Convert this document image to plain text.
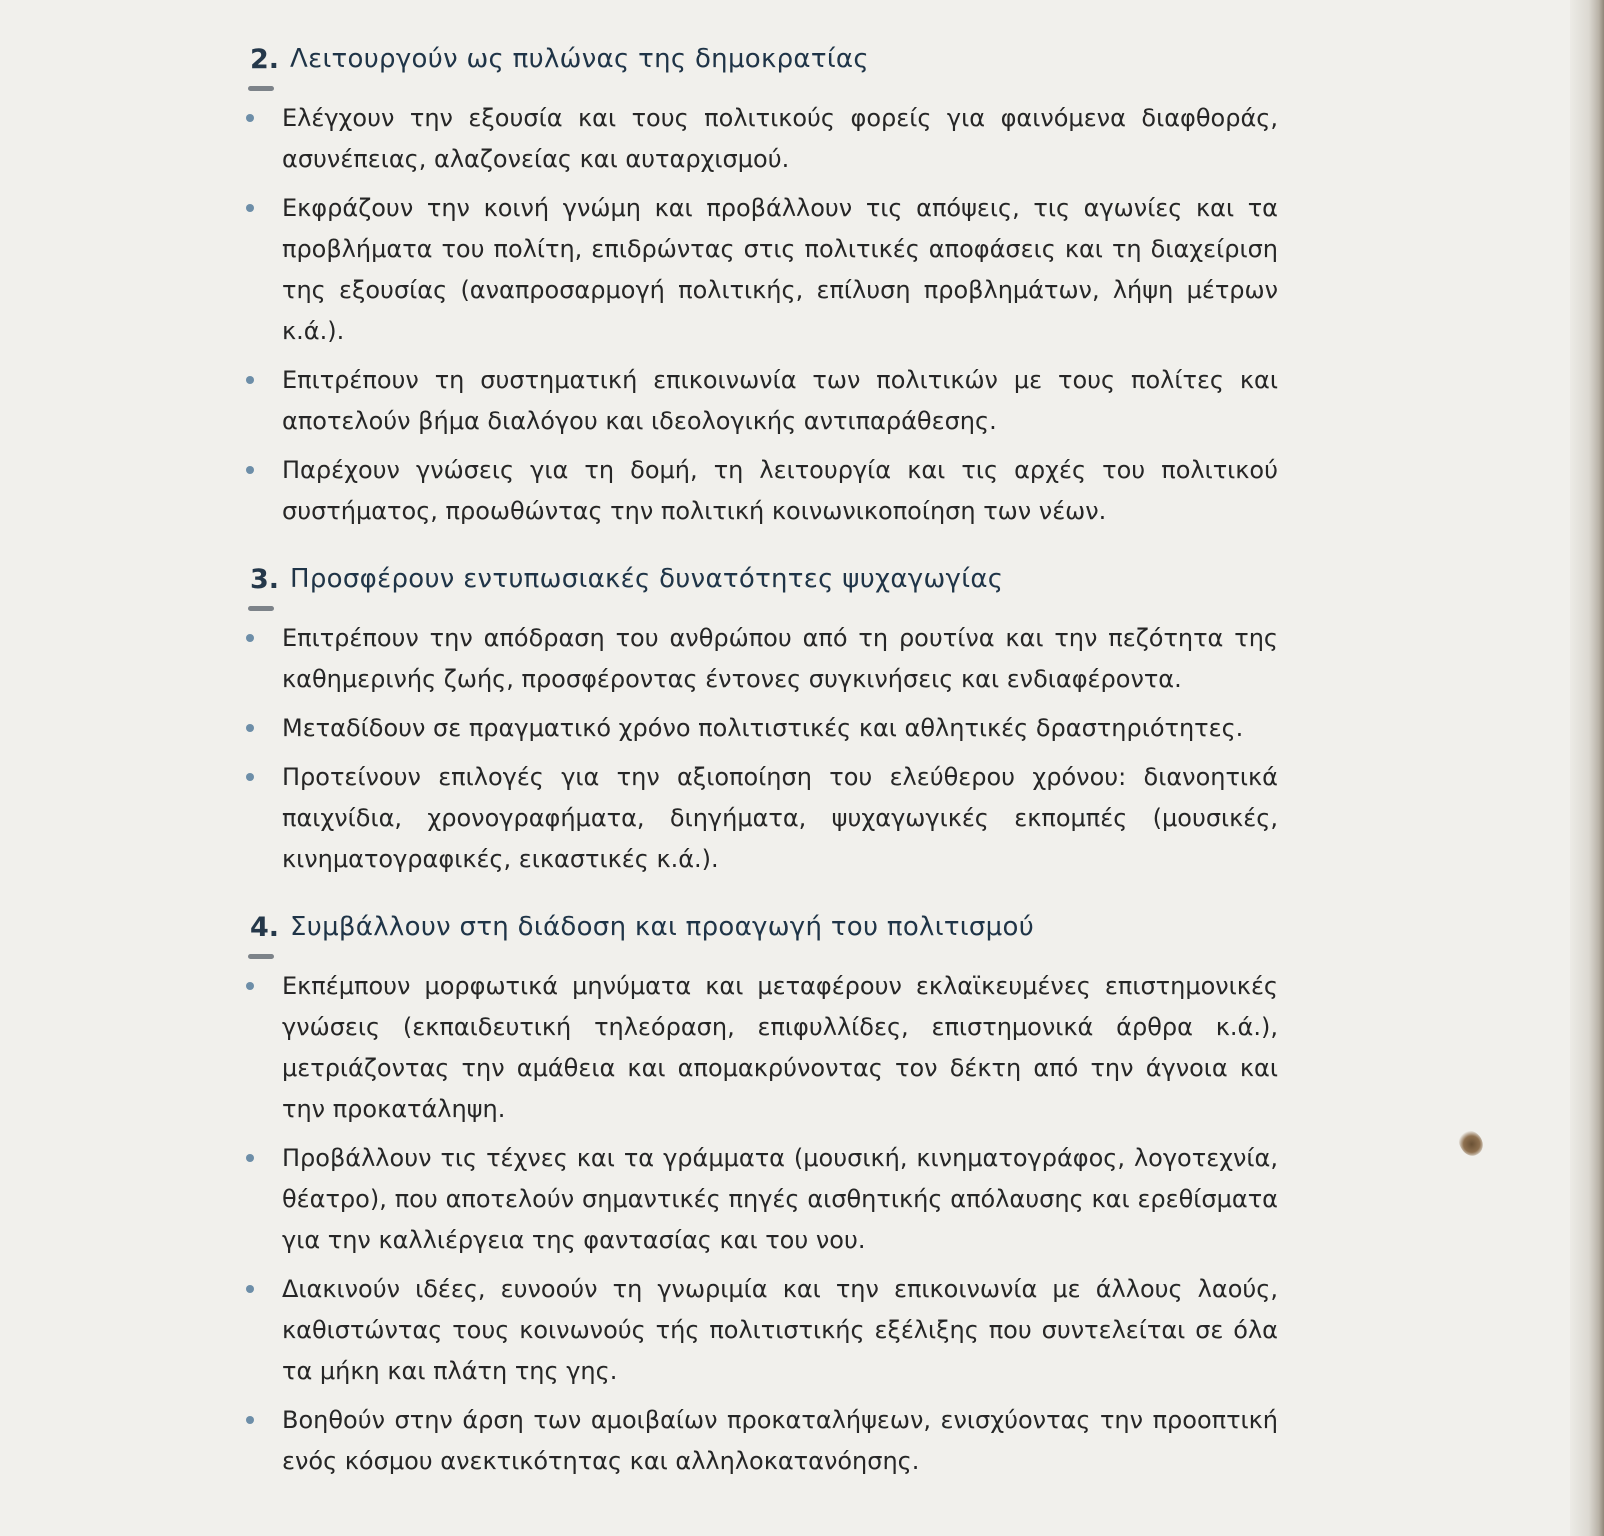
2. Λειτουργούν ως πυλώνας της δημοκρατίας
Ελέγχουν την εξουσία και τους πολιτικούς φορείς για φαινόμενα διαφθοράς, ασυνέπειας, αλαζονείας και αυταρχισμού.
Εκφράζουν την κοινή γνώμη και προβάλλουν τις απόψεις, τις αγωνίες και τα προβλήματα του πολίτη, επιδρώντας στις πολιτικές αποφάσεις και τη διαχείριση της εξουσίας (αναπροσαρμογή πολιτικής, επίλυση προβλημάτων, λήψη μέτρων κ.ά.).
Επιτρέπουν τη συστηματική επικοινωνία των πολιτικών με τους πολίτες και αποτελούν βήμα διαλόγου και ιδεολογικής αντιπαράθεσης.
Παρέχουν γνώσεις για τη δομή, τη λειτουργία και τις αρχές του πολιτικού συστήματος, προωθώντας την πολιτική κοινωνικοποίηση των νέων.
3. Προσφέρουν εντυπωσιακές δυνατότητες ψυχαγωγίας
Επιτρέπουν την απόδραση του ανθρώπου από τη ρουτίνα και την πεζότητα της καθημερινής ζωής, προσφέροντας έντονες συγκινήσεις και ενδιαφέροντα.
Μεταδίδουν σε πραγματικό χρόνο πολιτιστικές και αθλητικές δραστηριότητες.
Προτείνουν επιλογές για την αξιοποίηση του ελεύθερου χρόνου: διανοητικά παιχνίδια, χρονογραφήματα, διηγήματα, ψυχαγωγικές εκπομπές (μουσικές, κινηματογραφικές, εικαστικές κ.ά.).
4. Συμβάλλουν στη διάδοση και προαγωγή του πολιτισμού
Εκπέμπουν μορφωτικά μηνύματα και μεταφέρουν εκλαϊκευμένες επιστημονικές γνώσεις (εκπαιδευτική τηλεόραση, επιφυλλίδες, επιστημονικά άρθρα κ.ά.), μετριάζοντας την αμάθεια και απομακρύνοντας τον δέκτη από την άγνοια και την προκατάληψη.
Προβάλλουν τις τέχνες και τα γράμματα (μουσική, κινηματογράφος, λογοτεχνία, θέατρο), που αποτελούν σημαντικές πηγές αισθητικής απόλαυσης και ερεθίσματα για την καλλιέργεια της φαντασίας και του νου.
Διακινούν ιδέες, ευνοούν τη γνωριμία και την επικοινωνία με άλλους λαούς, καθιστώντας τους κοινωνούς τής πολιτιστικής εξέλιξης που συντελείται σε όλα τα μήκη και πλάτη της γης.
Βοηθούν στην άρση των αμοιβαίων προκαταλήψεων, ενισχύοντας την προοπτική ενός κόσμου ανεκτικότητας και αλληλοκατανόησης.
